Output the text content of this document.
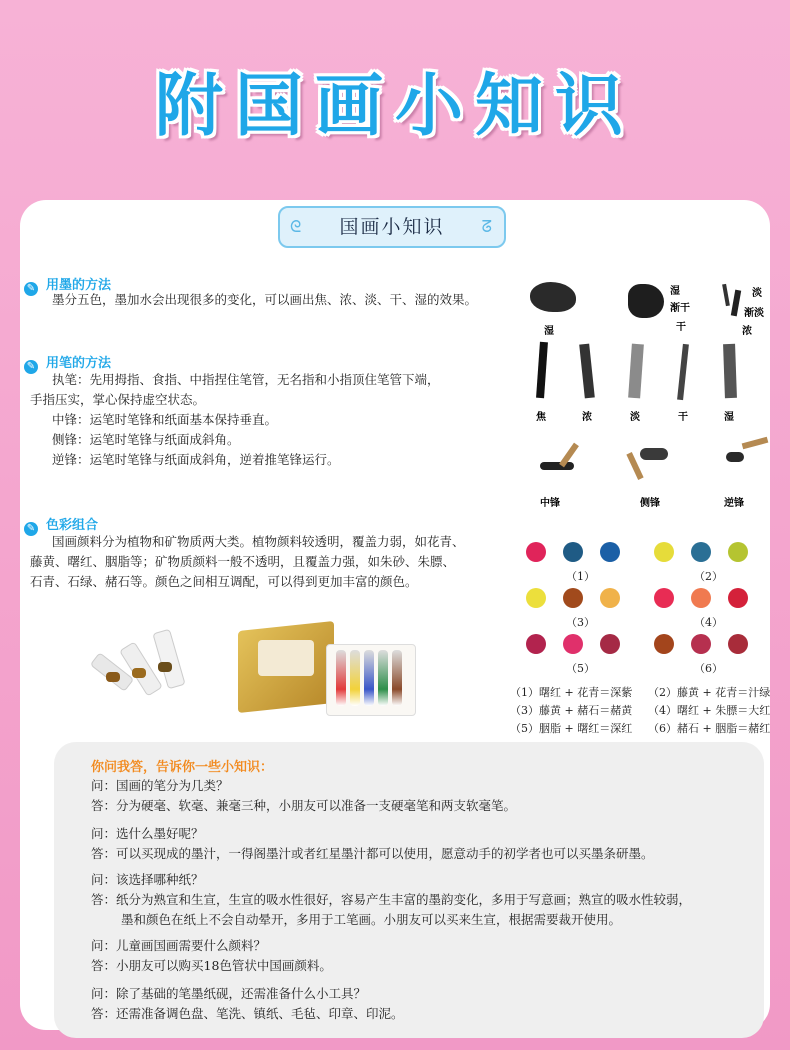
附国画小知识
ᘓ 国画小知识 ᘔ
✎ 用墨的方法

墨分五色，墨加水会出现很多的变化，可以画出焦、浓、淡、干、湿的效果。

✎ 用笔的方法

执笔：先用拇指、食指、中指捏住笔管，无名指和小指顶住笔管下端，

手指压实，掌心保持虚空状态。

中锋：运笔时笔锋和纸面基本保持垂直。

侧锋：运笔时笔锋与纸面成斜角。

逆锋：运笔时笔锋与纸面成斜角，逆着推笔锋运行。

✎ 色彩组合

国画颜料分为植物和矿物质两大类。植物颜料较透明，覆盖力弱，如花青、

藤黄、曙红、胭脂等；矿物质颜料一般不透明，且覆盖力强，如朱砂、朱膘、

石青、石绿、赭石等。颜色之间相互调配，可以得到更加丰富的颜色。

湿
湿
渐干
干
淡
渐淡
浓
焦	浓	淡	干	湿
中锋	侧锋	逆锋
（1）	（2）
（3）	（4）
（5）	（6）
（1）曙红 + 花青＝深紫 （2）藤黄 + 花青＝汁绿
（3）藤黄 + 赭石＝赭黄 （4）曙红 + 朱膘＝大红
（5）胭脂 + 曙红＝深红 （6）赭石 + 胭脂＝赭红
你问我答，告诉你一些小知识：

问：国画的笔分为几类？

答：分为硬毫、软毫、兼毫三种，小朋友可以准备一支硬毫笔和两支软毫笔。

问：选什么墨好呢？

答：可以买现成的墨汁，一得阁墨汁或者红星墨汁都可以使用，愿意动手的初学者也可以买墨条研墨。

问：该选择哪种纸？

答：纸分为熟宣和生宣，生宣的吸水性很好，容易产生丰富的墨韵变化，多用于写意画；熟宣的吸水性较弱，

墨和颜色在纸上不会自动晕开，多用于工笔画。小朋友可以买来生宣，根据需要裁开使用。

问：儿童画国画需要什么颜料？

答：小朋友可以购买18色管状中国画颜料。

问：除了基础的笔墨纸砚，还需准备什么小工具？

答：还需准备调色盘、笔洗、镇纸、毛毡、印章、印泥。
